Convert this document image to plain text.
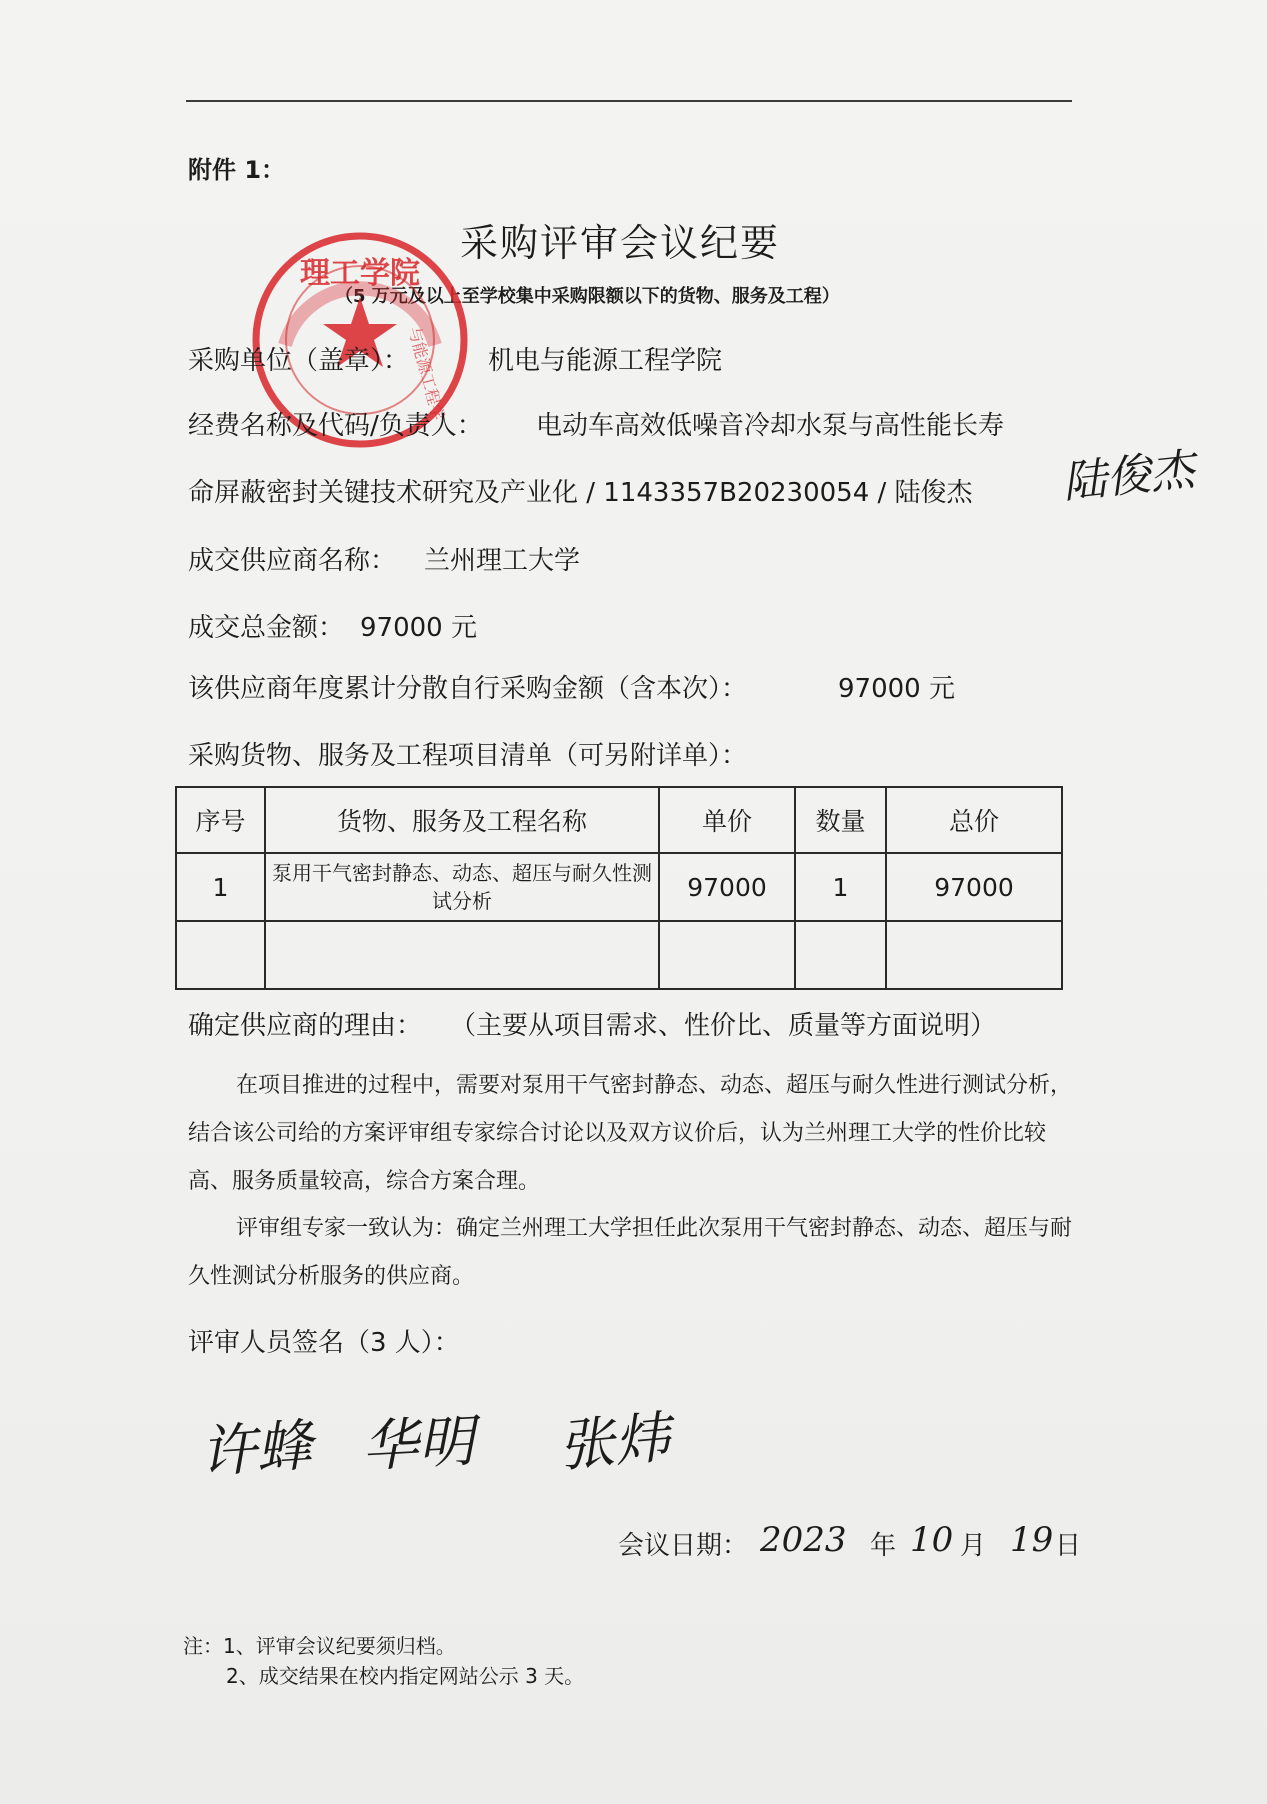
附件 1：
采购评审会议纪要
（5 万元及以上至学校集中采购限额以下的货物、服务及工程）
理工学院
与能源工程学
采购单位（盖章）：	机电与能源工程学院
经费名称及代码/负责人： 电动车高效低噪音冷却水泵与高性能长寿
命屏蔽密封关键技术研究及产业化 / 1143357B20230054 / 陆俊杰 陆俊杰
成交供应商名称： 兰州理工大学
成交总金额： 97000 元
该供应商年度累计分散自行采购金额（含本次）：	97000 元
采购货物、服务及工程项目清单（可另附详单）：
序号	货物、服务及工程名称	单价	数量	总价
1	泵用干气密封静态、动态、超压与耐久性测试分析	97000	1	97000

确定供应商的理由： （主要从项目需求、性价比、质量等方面说明）
在项目推进的过程中，需要对泵用干气密封静态、动态、超压与耐久性进行测试分析，结合该公司给的方案评审组专家综合讨论以及双方议价后，认为兰州理工大学的性价比较高、服务质量较高，综合方案合理。
评审组专家一致认为：确定兰州理工大学担任此次泵用干气密封静态、动态、超压与耐久性测试分析服务的供应商。
评审人员签名（3 人）：
许蜂 华明 张炜
会议日期： 2023 年 10 月 19 日
注：1、评审会议纪要须归档。
2、成交结果在校内指定网站公示 3 天。
